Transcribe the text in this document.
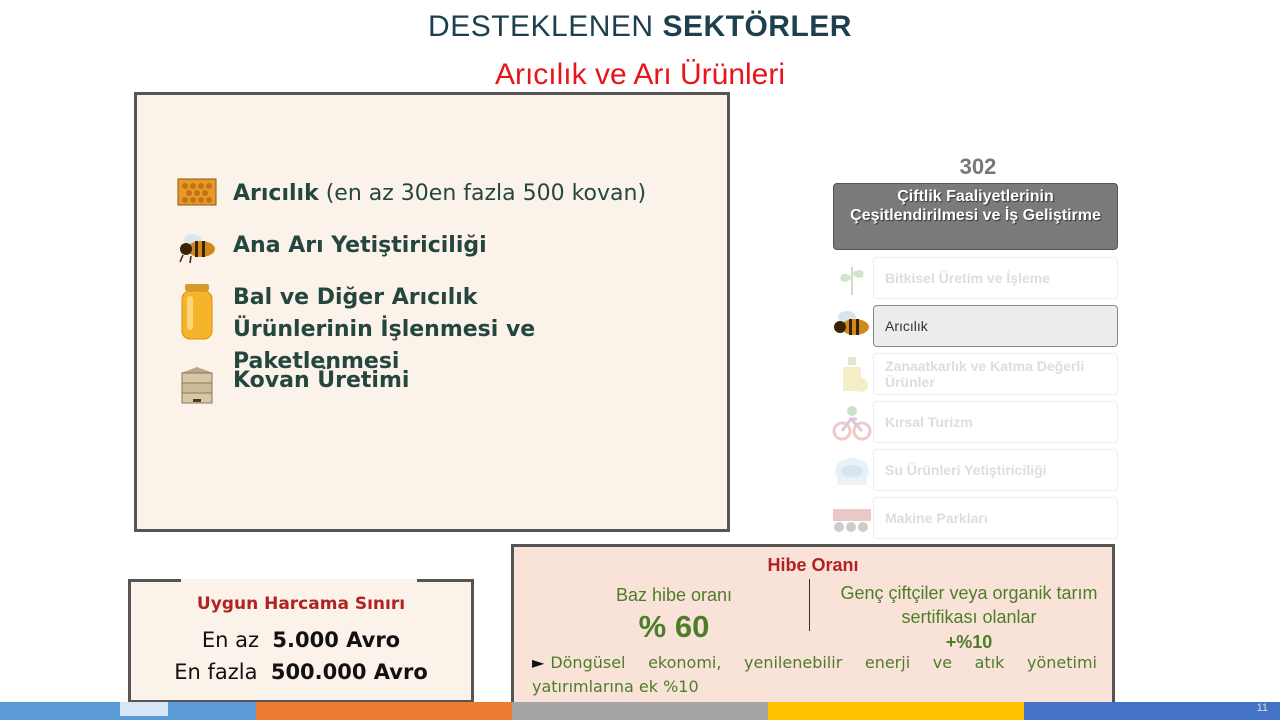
DESTEKLENEN SEKTÖRLER
Arıcılık ve Arı Ürünleri
Arıcılık (en az 30en fazla 500 kovan)
Ana Arı Yetiştiriciliği
Bal ve Diğer Arıcılık Ürünlerinin İşlenmesi ve Paketlenmesi
Kovan Üretimi
302
Çiftlik Faaliyetlerinin Çeşitlendirilmesi ve İş Geliştirme
Bitkisel Üretim ve İşleme
Arıcılık
Zanaatkarlık ve Katma Değerli Ürünler
Kırsal Turizm
Su Ürünleri Yetiştiriciliği
Makine Parkları
Uygun Harcama Sınırı
En az 5.000 Avro
En fazla 500.000 Avro
Hibe Oranı
Baz hibe oranı
% 60
Genç çiftçiler veya organik tarım sertifikası olanlar
+%10
► Döngüsel ekonomi, yenilenebilir enerji ve atık yönetimi yatırımlarına ek %10
11
